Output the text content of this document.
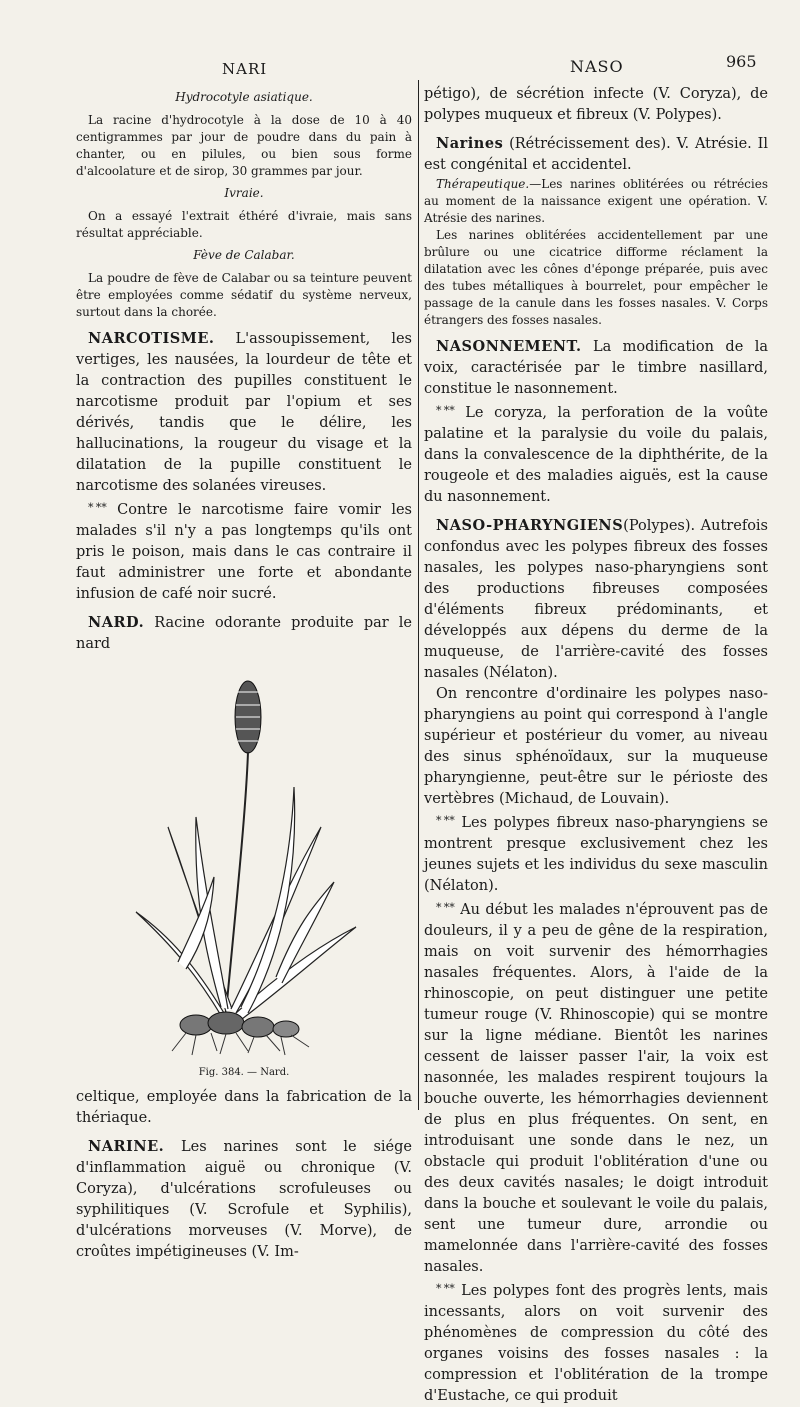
NARI	NASO	965
Hydrocotyle asiatique.

La racine d'hydrocotyle à la dose de 10 à 40 centigrammes par jour de poudre dans du pain à chanter, ou en pilules, ou bien sous forme d'alcoolature et de sirop, 30 grammes par jour.

Ivraie.

On a essayé l'extrait éthéré d'ivraie, mais sans résultat appréciable.

Fève de Calabar.

La poudre de fève de Calabar ou sa teinture peuvent être employées comme sédatif du système nerveux, surtout dans la chorée.

NARCOTISME. L'assoupissement, les vertiges, les nausées, la lourdeur de tête et la contraction des pupilles constituent le narcotisme produit par l'opium et ses dérivés, tandis que le délire, les hallucinations, la rougeur du visage et la dilatation de la pupille constituent le narcotisme des solanées vireuses.

* ** Contre le narcotisme faire vomir les malades s'il n'y a pas longtemps qu'ils ont pris le poison, mais dans le cas contraire il faut administrer une forte et abondante infusion de café noir sucré.

NARD. Racine odorante produite par le nard

Fig. 384. — Nard.

celtique, employée dans la fabrication de la thériaque.

NARINE. Les narines sont le siége d'inflammation aiguë ou chronique (V. Coryza), d'ulcérations scrofuleuses ou syphilitiques (V. Scrofule et Syphilis), d'ulcérations morveuses (V. Morve), de croûtes impétigineuses (V. Im-

pétigo), de sécrétion infecte (V. Coryza), de polypes muqueux et fibreux (V. Polypes).

Narines (Rétrécissement des). V. Atrésie. Il est congénital et accidentel.

Thérapeutique.—Les narines oblitérées ou rétrécies au moment de la naissance exigent une opération. V. Atrésie des narines.

Les narines oblitérées accidentellement par une brûlure ou une cicatrice difforme réclament la dilatation avec les cônes d'éponge préparée, puis avec des tubes métalliques à bourrelet, pour empêcher le passage de la canule dans les fosses nasales. V. Corps étrangers des fosses nasales.

NASONNEMENT. La modification de la voix, caractérisée par le timbre nasillard, constitue le nasonnement.

* ** Le coryza, la perforation de la voûte palatine et la paralysie du voile du palais, dans la convalescence de la diphthérite, de la rougeole et des maladies aiguës, est la cause du nasonnement.

NASO-PHARYNGIENS(Polypes). Autrefois confondus avec les polypes fibreux des fosses nasales, les polypes naso-pharyngiens sont des productions fibreuses composées d'éléments fibreux prédominants, et développés aux dépens du derme de la muqueuse, de l'arrière-cavité des fosses nasales (Nélaton).

On rencontre d'ordinaire les polypes naso-pharyngiens au point qui correspond à l'angle supérieur et postérieur du vomer, au niveau des sinus sphénoïdaux, sur la muqueuse pharyngienne, peut-être sur le périoste des vertèbres (Michaud, de Louvain).

* ** Les polypes fibreux naso-pharyngiens se montrent presque exclusivement chez les jeunes sujets et les individus du sexe masculin (Nélaton).

* ** Au début les malades n'éprouvent pas de douleurs, il y a peu de gêne de la respiration, mais on voit survenir des hémorrhagies nasales fréquentes. Alors, à l'aide de la rhinoscopie, on peut distinguer une petite tumeur rouge (V. Rhinoscopie) qui se montre sur la ligne médiane. Bientôt les narines cessent de laisser passer l'air, la voix est nasonnée, les malades respirent toujours la bouche ouverte, les hémorrhagies deviennent de plus en plus fréquentes. On sent, en introduisant une sonde dans le nez, un obstacle qui produit l'oblitération d'une ou des deux cavités nasales; le doigt introduit dans la bouche et soulevant le voile du palais, sent une tumeur dure, arrondie ou mamelonnée dans l'arrière-cavité des fosses nasales.

* ** Les polypes font des progrès lents, mais incessants, alors on voit survenir des phénomènes de compression du côté des organes voisins des fosses nasales : la compression et l'oblitération de la trompe d'Eustache, ce qui produit
